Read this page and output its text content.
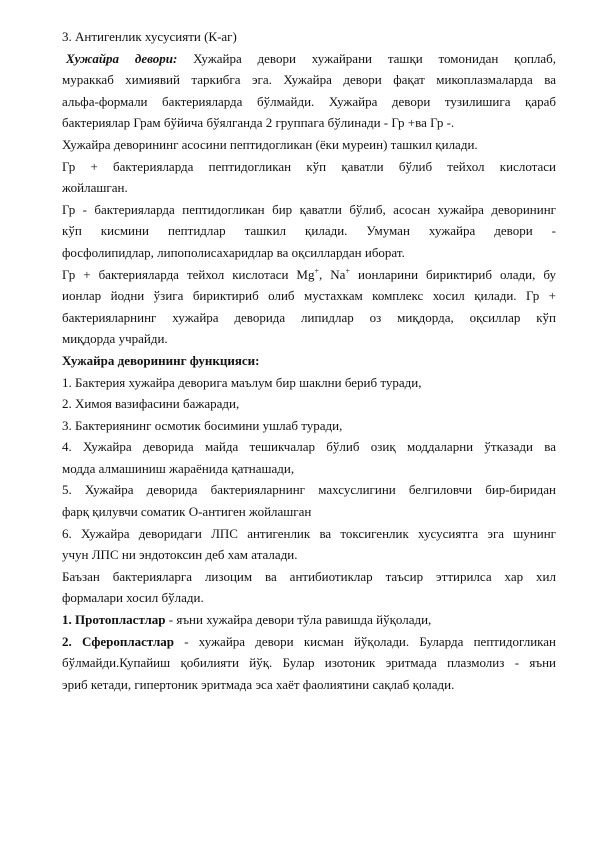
3. Антигенлик хусусияти (К-аг)
Хужайра девори: Хужайра девори хужайрани ташқи томонидан қоплаб,
мураккаб химиявий таркибга эга. Хужайра девори фақат микоплазмаларда ва
альфа-формали бактерияларда бўлмайди. Хужайра девори тузилишига қараб
бактериялар Грам бўйича бўялганда 2 группага бўлинади - Гр +ва Гр -.
Хужайра деворининг асосини пептидогликан (ёки муреин) ташкил қилади.
Гр + бактерияларда пептидогликан кўп қаватли бўлиб тейхол кислотаси
жойлашган.
Гр - бактерияларда пептидогликан бир қаватли бўлиб, асосан хужайра деворининг
кўп кисмини пептидлар ташкил қилади. Умуман хужайра девори -
фосфолипидлар, липополисахаридлар ва оқсиллардан иборат.
Гр + бактерияларда тейхол кислотаси Mg+, Na+ ионларини бириктириб олади, бу
ионлар йодни ўзига бириктириб олиб мустахкам комплекс хосил қилади. Гр +
бактерияларнинг хужайра деворида липидлар оз миқдорда, оқсиллар кўп
миқдорда учрайди.
Хужайра деворининг функцияси:
1. Бактерия хужайра деворига маълум бир шаклни бериб туради,
2. Химоя вазифасини бажаради,
3. Бактериянинг осмотик босимини ушлаб туради,
4. Хужайра деворида майда тешикчалар бўлиб озиқ моддаларни ўтказади ва
модда алмашиниш жараёнида қатнашади,
5. Хужайра деворида бактерияларнинг махсуслигини белгиловчи бир-биридан
фарқ қилувчи соматик О-антиген жойлашган
6. Хужайра деворидаги ЛПС антигенлик ва токсигенлик хусусиятга эга шунинг
учун ЛПС ни эндотоксин деб хам аталади.
Баъзан бактерияларга лизоцим ва антибиотиклар таъсир эттирилса хар хил
формалари хосил бўлади.
1. Протопластлар - яъни хужайра девори тўла равишда йўқолади,
2. Сферопластлар - хужайра девори кисман йўқолади. Буларда пептидогликан
бўлмайди.Купайиш қобилияти йўқ. Булар изотоник эритмада плазмолиз - яъни
эриб кетади, гипертоник эритмада эса хаёт фаолиятини сақлаб қолади.
